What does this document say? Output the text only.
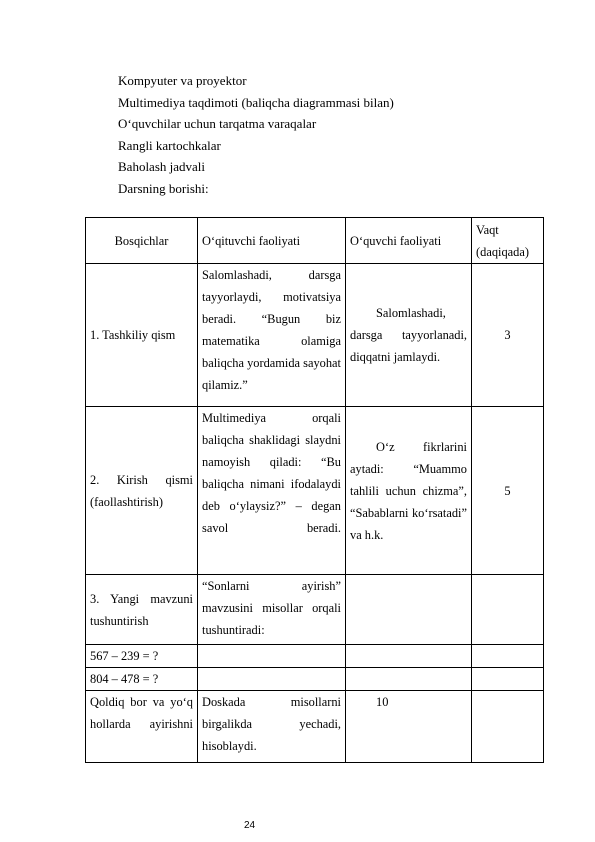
Kompyuter va proyektor
Multimediya taqdimoti (baliqcha diagrammasi bilan)
O‘quvchilar uchun tarqatma varaqalar
Rangli kartochkalar
Baholash jadvali
Darsning borishi:
Bosqichlar	O‘qituvchi faoliyati	O‘quvchi faoliyati	Vaqt (daqiqada)
1. Tashkiliy qism	Salomlashadi, darsga tayyorlaydi, motivatsiya beradi. “Bugun biz matematika olamiga baliqcha yordamida sayohat qilamiz.”	Salomlashadi, darsga tayyorlanadi, diqqatni jamlaydi.	3
2. Kirish qismi (faollashtirish)	Multimediya orqali baliqcha shaklidagi slaydni namoyish qiladi: “Bu baliqcha nimani ifodalaydi deb o‘ylaysiz?” – degan savol beradi.	O‘z fikrlarini aytadi: “Muammo tahlili uchun chizma”, “Sabablarni ko‘rsatadi” va h.k.	5
3. Yangi mavzuni tushuntirish	“Sonlarni ayirish” mavzusini misollar orqali tushuntiradi:		
567 – 239 = ?			
804 – 478 = ?			
Qoldiq bor va yo‘q hollarda ayirishni	Doskada misollarni birgalikda yechadi, hisoblaydi.	10	
24
